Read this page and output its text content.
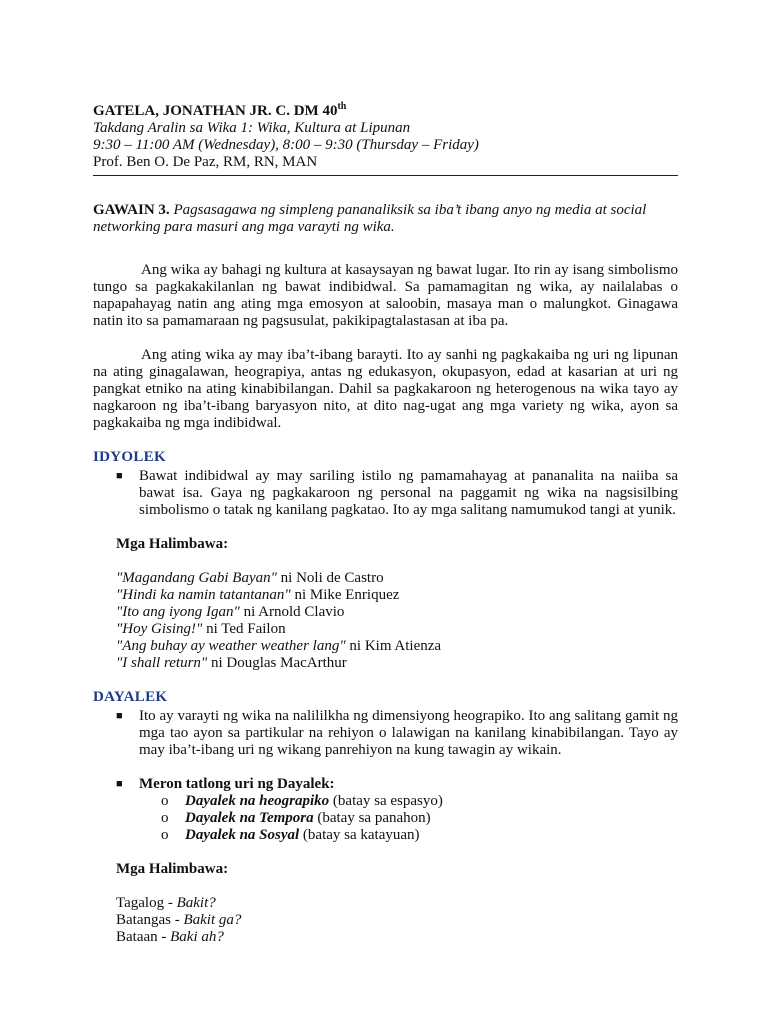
GATELA, JONATHAN JR. C. DM 40th

Takdang Aralin sa Wika 1: Wika, Kultura at Lipunan

9:30 – 11:00 AM (Wednesday), 8:00 – 9:30 (Thursday – Friday)

Prof. Ben O. De Paz, RM, RN, MAN

GAWAIN 3. Pagsasagawa ng simpleng pananaliksik sa iba’t ibang anyo ng media at social networking para masuri ang mga varayti ng wika.

Ang wika ay bahagi ng kultura at kasaysayan ng bawat lugar. Ito rin ay isang simbolismo tungo sa pagkakakilanlan ng bawat indibidwal. Sa pamamagitan ng wika, ay nailalabas o napapahayag natin ang ating mga emosyon at saloobin, masaya man o malungkot. Ginagawa natin ito sa pamamaraan ng pagsusulat, pakikipagtalastasan at iba pa.

Ang ating wika ay may iba’t-ibang barayti. Ito ay sanhi ng pagkakaiba ng uri ng lipunan na ating ginagalawan, heograpiya, antas ng edukasyon, okupasyon, edad at kasarian at uri ng pangkat etniko na ating kinabibilangan. Dahil sa pagkakaroon ng heterogenous na wika tayo ay nagkaroon ng iba’t-ibang baryasyon nito, at dito nag-ugat ang mga variety ng wika, ayon sa pagkakaiba ng mga indibidwal.

IDYOLEK
■ Bawat indibidwal ay may sariling istilo ng pamamahayag at pananalita na naiiba sa bawat isa. Gaya ng pagkakaroon ng personal na paggamit ng wika na nagsisilbing simbolismo o tatak ng kanilang pagkatao. Ito ay mga salitang namumukod tangi at yunik.
Mga Halimbawa:
"Magandang Gabi Bayan" ni Noli de Castro
"Hindi ka namin tatantanan" ni Mike Enriquez
"Ito ang iyong Igan" ni Arnold Clavio
"Hoy Gising!" ni Ted Failon
"Ang buhay ay weather weather lang" ni Kim Atienza
"I shall return" ni Douglas MacArthur
DAYALEK
■ Ito ay varayti ng wika na nalililkha ng dimensiyong heograpiko. Ito ang salitang gamit ng mga tao ayon sa partikular na rehiyon o lalawigan na kanilang kinabibilangan. Tayo ay may iba’t-ibang uri ng wikang panrehiyon na kung tawagin ay wikain.
■ Meron tatlong uri ng Dayalek:
o Dayalek na heograpiko (batay sa espasyo)
o Dayalek na Tempora (batay sa panahon)
o Dayalek na Sosyal (batay sa katayuan)
Mga Halimbawa:
Tagalog - Bakit?
Batangas - Bakit ga?
Bataan - Baki ah?
